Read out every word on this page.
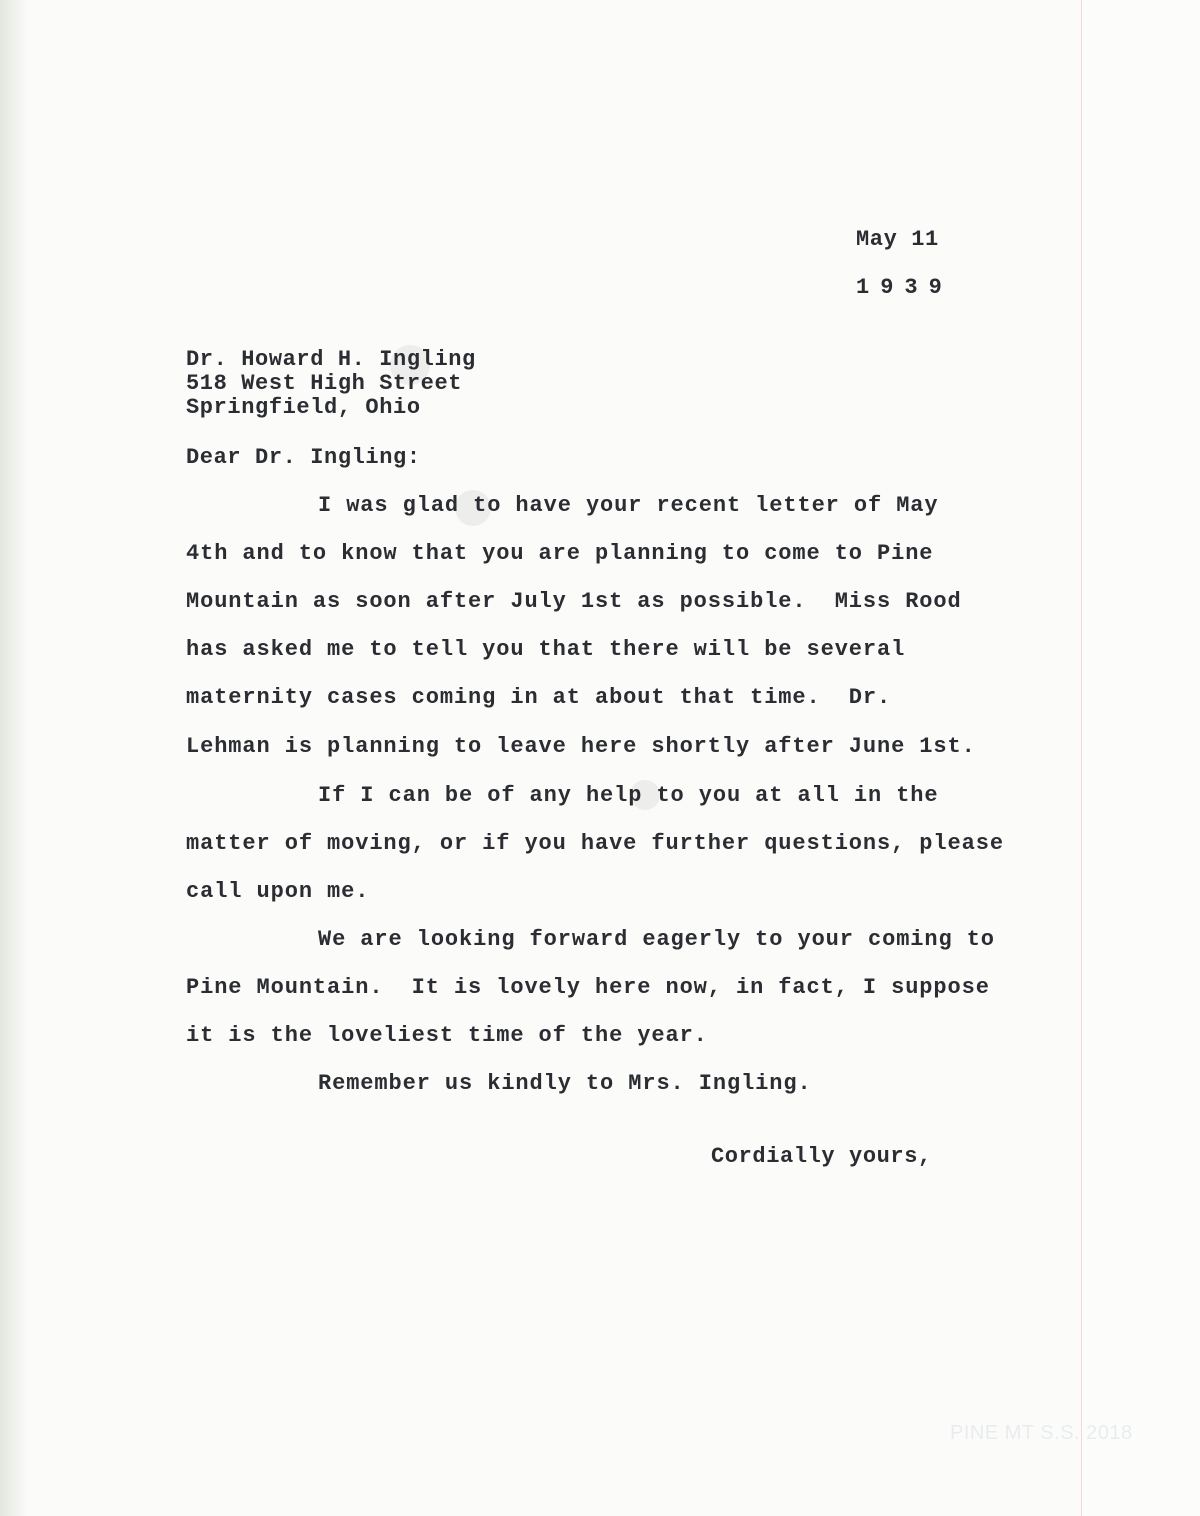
May 11
1939
Dr. Howard H. Ingling
518 West High Street
Springfield, Ohio
Dear Dr. Ingling:
I was glad to have your recent letter of May
4th and to know that you are planning to come to Pine
Mountain as soon after July 1st as possible.  Miss Rood
has asked me to tell you that there will be several
maternity cases coming in at about that time.  Dr.
Lehman is planning to leave here shortly after June 1st.
If I can be of any help to you at all in the
matter of moving, or if you have further questions, please
call upon me.
We are looking forward eagerly to your coming to
Pine Mountain.  It is lovely here now, in fact, I suppose
it is the loveliest time of the year.
Remember us kindly to Mrs. Ingling.
Cordially yours,
PINE MT S.S. 2018
